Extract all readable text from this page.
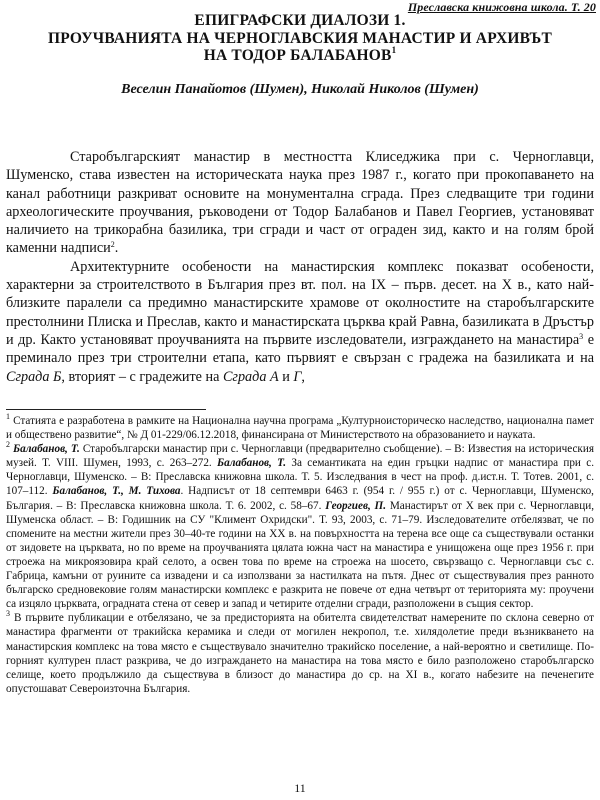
Преславска книжовна школа. Т. 20
ЕПИГРАФСКИ ДИАЛОЗИ 1.
ПРОУЧВАНИЯТА НА ЧЕРНОГЛАВСКИЯ МАНАСТИР И АРХИВЪТ
НА ТОДОР БАЛАБАНОВ$^1$
Веселин Панайотов (Шумен), Николай Николов (Шумен)

Старобългарският манастир в местността Клиседжика при с. Черноглавци, Шуменско, става известен на историческата наука през 1987 г., когато при прокопаването на канал работници разкриват основите на монументална сграда. През следващите три години археологическите проучвания, ръководени от Тодор Балабанов и Павел Георгиев, установяват наличието на трикорабна базилика, три сгради и част от ограден зид, както и на голям брой каменни надписи$^2$.

Архитектурните особености на манастирския комплекс показват особености, характерни за строителството в България през вт. пол. на IX – първ. десет. на X в., като най-близките паралели са предимно манастирските храмове от околностите на старобългарските престолнини Плиска и Преслав, както и манастирската църква край Равна, базиликата в Дръстър и др. Както установяват проучванията на първите изследователи, изграждането на манастира$^3$ е преминало през три строителни етапа, като първият е свързан с градежа на базиликата и на Сграда Б, вторият – с градежите на Сграда А и Г,

$^1$ Статията е разработена в рамките на Национална научна програма „Културноисторическо наследство, национална памет и обществено развитие“, № Д 01-229/06.12.2018, финансирана от Министерството на образованието и науката.

$^2$ Балабанов, Т. Старобългарски манастир при с. Черноглавци (предварително съобщение). – В: Известия на историческия музей. Т. VIII. Шумен, 1993, с. 263–272. Балабанов, Т. За семантиката на един гръцки надпис от манастира при с. Черноглавци, Шуменско. – В: Преславска книжовна школа. Т. 5. Изследвания в чест на проф. д.ист.н. Т. Тотев. 2001, с. 107–112. Балабанов, Т., М. Тихова. Надписът от 18 септември 6463 г. (954 г. / 955 г.) от с. Черноглавци, Шуменско, България. – В: Преславска книжовна школа. Т. 6. 2002, с. 58–67. Георгиев, П. Манастирът от X век при с. Черноглавци, Шуменска област. – В: Годишник на СУ "Климент Охридски". Т. 93, 2003, с. 71–79. Изследователите отбелязват, че по спомените на местни жители през 30–40-те години на XX в. на повърхността на терена все още са съществували останки от зидовете на църквата, но по време на проучванията цялата южна част на манастира е унищожена още през 1956 г. при строежа на микроязовира край селото, а освен това по време на строежа на шосето, свързващо с. Черноглавци със с. Габрица, камъни от руините са извадени и са използвани за настилката на пътя. Днес от съществувалия през ранното българско средновековие голям манастирски комплекс е разкрита не повече от една четвърт от територията му: проучени са изцяло църквата, оградната стена от север и запад и четирите отделни сгради, разположени в същия сектор.

$^3$ В първите публикации е отбелязано, че за предисторията на обителта свидетелстват намерените по склона северно от манастира фрагменти от тракийска керамика и следи от могилен некропол, т.е. хилядолетие преди възникването на манастирския комплекс на това място е съществувало значително тракийско поселение, а най-вероятно и светилище. По-горният културен пласт разкрива, че до изграждането на манастира на това място е било разположено старобългарско селище, което продължило да съществува в близост до манастира до ср. на XI в., когато набезите на печенегите опустошават Североизточна България.

11
